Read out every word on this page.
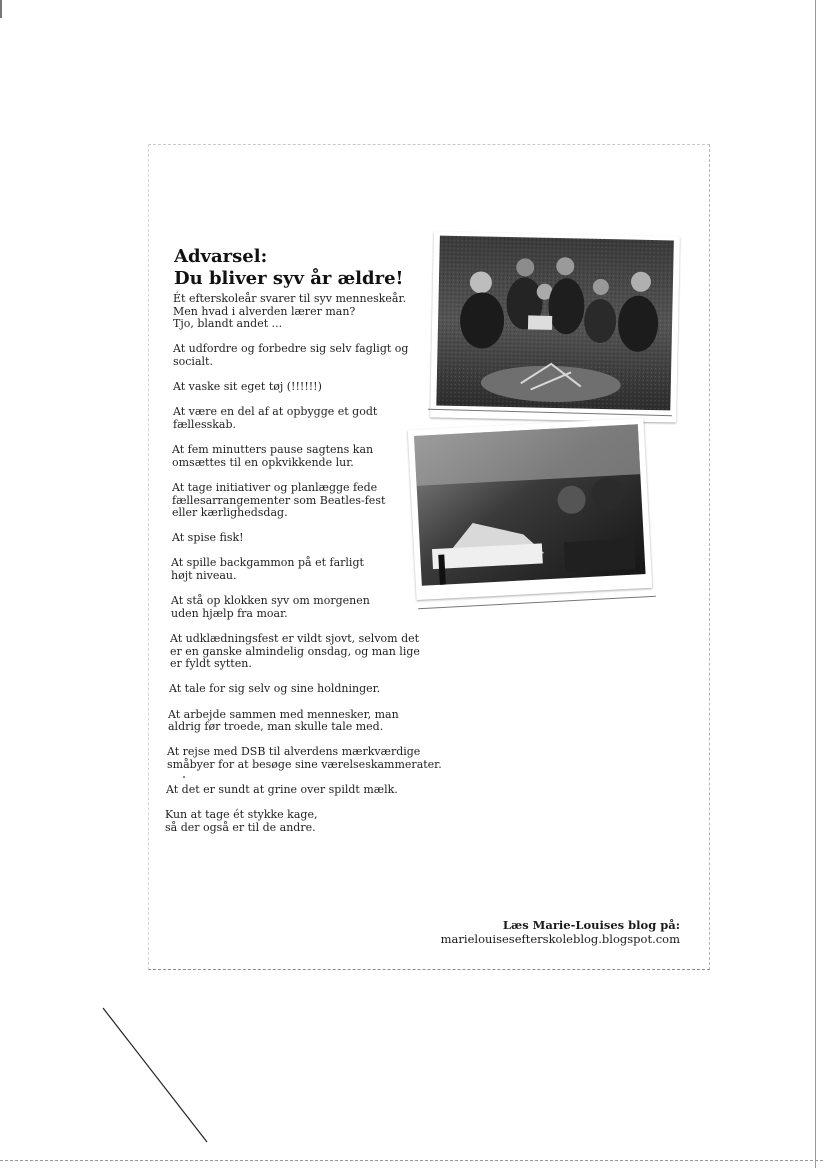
Advarsel:
Du bliver syv år ældre!

Ét efterskoleår svarer til syv menneskeår.
Men hvad i alverden lærer man?
Tjo, blandt andet ...

At udfordre og forbedre sig selv fagligt og
socialt.

At vaske sit eget tøj (!!!!!!)

At være en del af at opbygge et godt
fællesskab.

At fem minutters pause sagtens kan
omsættes til en opkvikkende lur.

At tage initiativer og planlægge fede
fællesarrangementer som Beatles-fest
eller kærlighedsdag.

At spise fisk!

At spille backgammon på et farligt
højt niveau.

At stå op klokken syv om morgenen
uden hjælp fra moar.

At udklædningsfest er vildt sjovt, selvom det
er en ganske almindelig onsdag, og man lige
er fyldt sytten.

At tale for sig selv og sine holdninger.

At arbejde sammen med mennesker, man
aldrig før troede, man skulle tale med.

At rejse med DSB til alverdens mærkværdige
småbyer for at besøge sine værelseskammerater.

At det er sundt at grine over spildt mælk.

Kun at tage ét stykke kage,
så der også er til de andre.

Læs Marie-Louises blog på:
marielouisesefterskoleblog.blogspot.com
